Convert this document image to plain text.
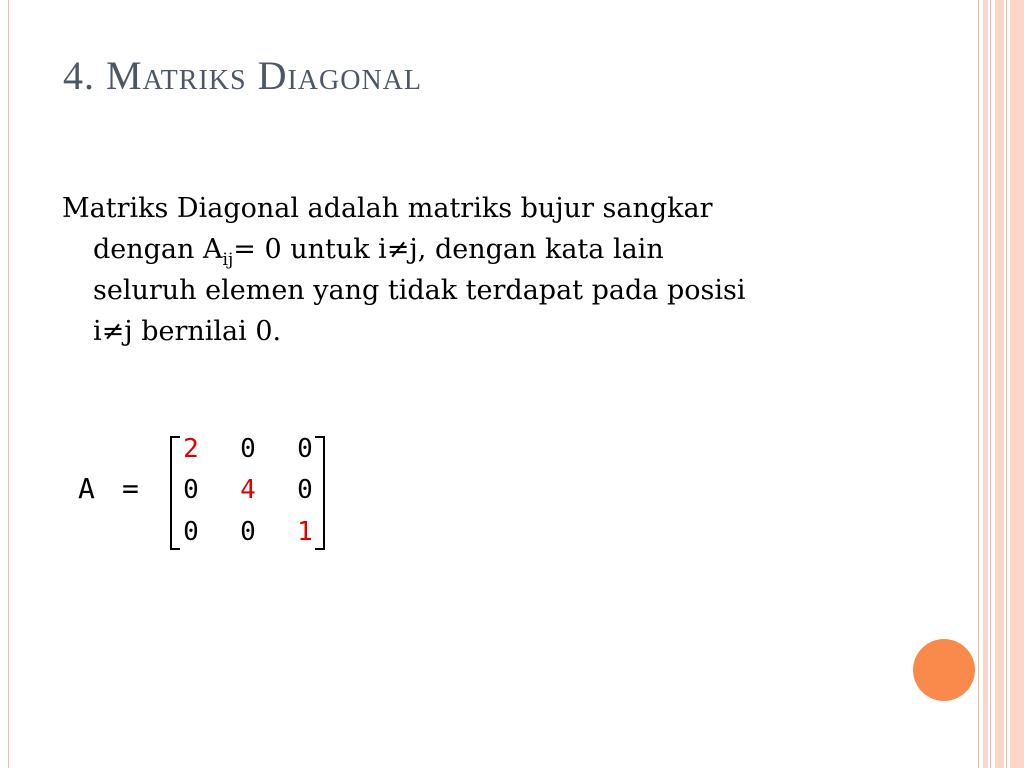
4. Matriks Diagonal
Matriks Diagonal adalah matriks bujur sangkar
dengan $A_{ij}= 0$ untuk i≠j, dengan kata lain
seluruh elemen yang tidak terdapat pada posisi
i≠j bernilai 0.
A =
2 0 0
0 4 0
0 0 1
